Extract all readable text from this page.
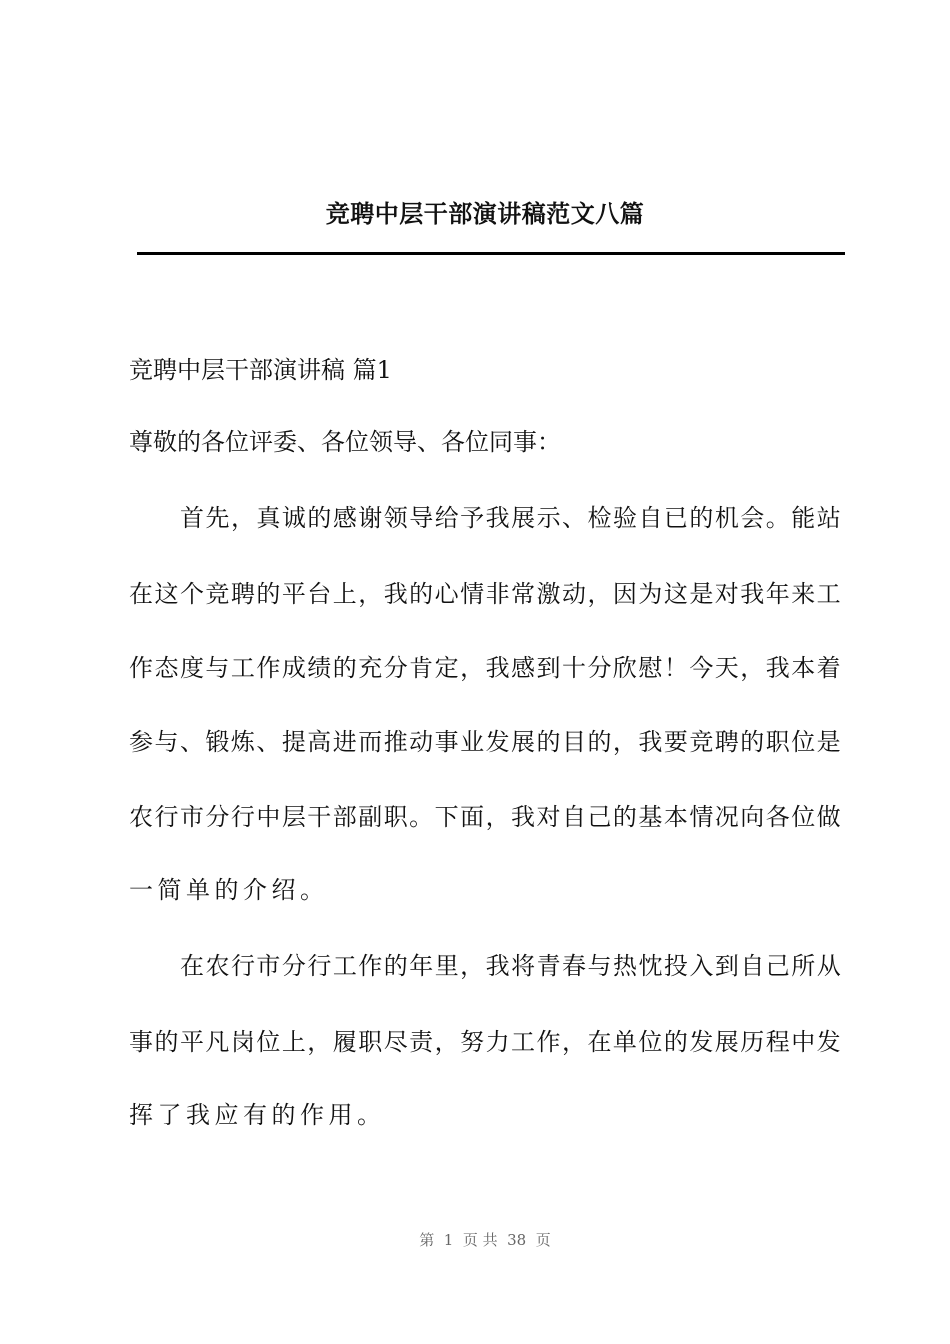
竞聘中层干部演讲稿范文八篇
竞聘中层干部演讲稿 篇1
尊敬的各位评委、各位领导、各位同事：
首 先 ， 真 诚 的 感 谢 领 导 给 予 我 展 示 、 检 验 自 已 的 机 会 。 能 站
在 这 个 竞 聘 的 平 台 上 ， 我 的 心 情 非 常 激 动 ， 因 为 这 是 对 我 年 来 工
作 态 度 与 工 作 成 绩 的 充 分 肯 定 ， 我 感 到 十 分 欣 慰 ！ 今 天 ， 我 本 着
参 与 、 锻 炼 、 提 高 进 而 推 动 事 业 发 展 的 目 的 ， 我 要 竞 聘 的 职 位 是
农 行 市 分 行 中 层 干 部 副 职 。 下 面 ， 我 对 自 己 的 基 本 情 况 向 各 位 做
一简单的介绍。
在 农 行 市 分 行 工 作 的 年 里 ， 我 将 青 春 与 热 忱 投 入 到 自 己 所 从
事 的 平 凡 岗 位 上 ， 履 职 尽 责 ， 努 力 工 作 ， 在 单 位 的 发 展 历 程 中 发
挥了我应有的作用。
第  1  页 共  38  页
